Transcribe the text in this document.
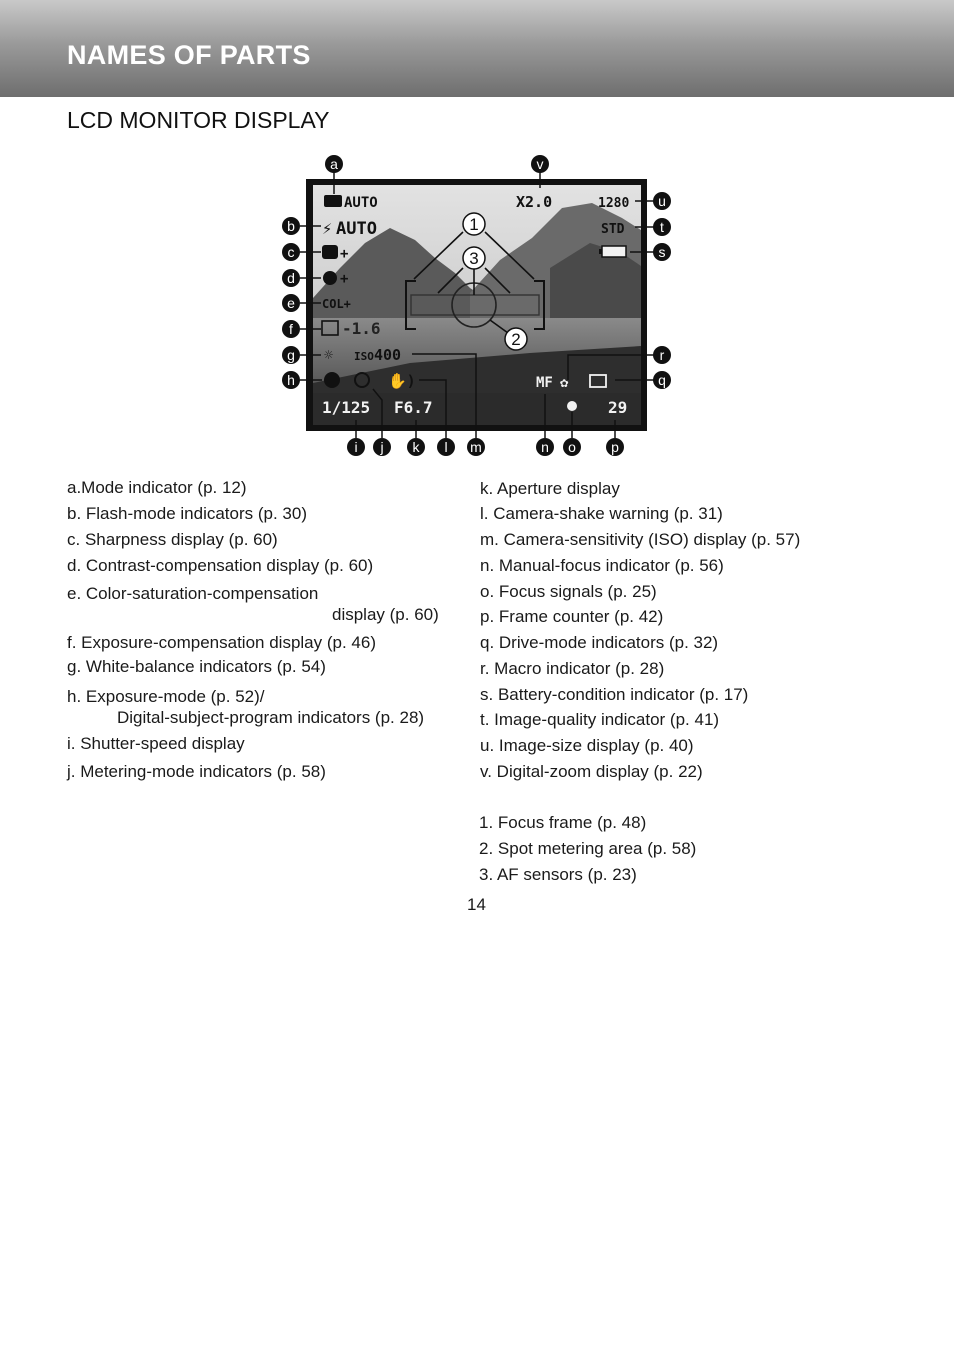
NAMES OF PARTS
LCD MONITOR DISPLAY
AUTO
⚡ AUTO
+
+
COL+
-1.6
☼ ISO 400
✋)
1/125 F6.7
X2.0	1280
STD
MF ✿
29
a	v
b
c
d
e
f
g
h
u
t
s
r
q
i j k l m	n o	p
1
3
2
a.Mode indicator (p. 12)
b. Flash-mode indicators (p. 30)
c. Sharpness display (p. 60)
d. Contrast-compensation display (p. 60)
e. Color-saturation-compensation
display (p. 60)
f. Exposure-compensation display (p. 46)
g. White-balance indicators (p. 54)
h. Exposure-mode (p. 52)/
Digital-subject-program indicators (p. 28)
i. Shutter-speed display
j. Metering-mode indicators (p. 58)
k. Aperture display
l. Camera-shake warning (p. 31)
m. Camera-sensitivity (ISO) display (p. 57)
n. Manual-focus indicator (p. 56)
o. Focus signals (p. 25)
p. Frame counter (p. 42)
q. Drive-mode indicators (p. 32)
r. Macro indicator (p. 28)
s. Battery-condition indicator (p. 17)
t. Image-quality indicator (p. 41)
u. Image-size display (p. 40)
v. Digital-zoom display (p. 22)
1. Focus frame (p. 48)
2. Spot metering area (p. 58)
3. AF sensors (p. 23)
14
